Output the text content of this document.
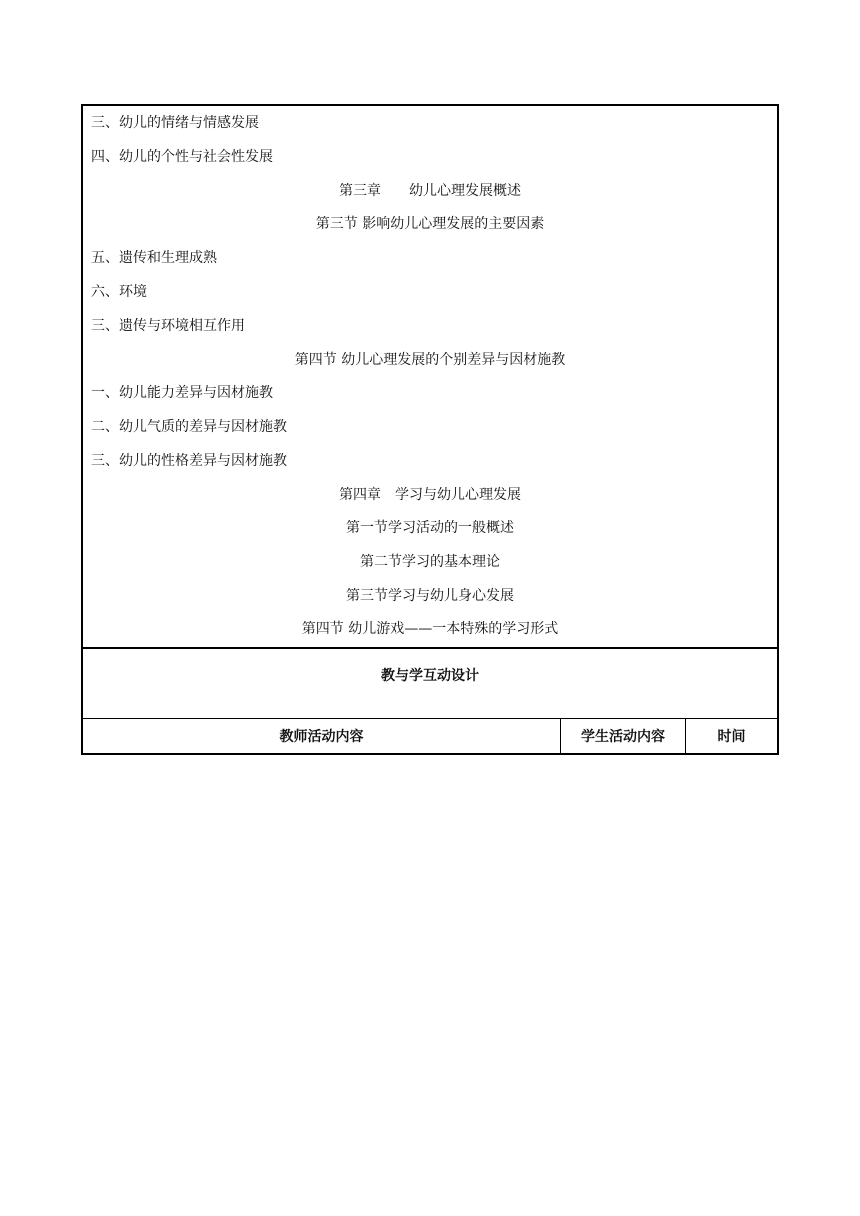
三、幼儿的情绪与情感发展
四、幼儿的个性与社会性发展
第三章　　幼儿心理发展概述
第三节 影响幼儿心理发展的主要因素
五、遗传和生理成熟
六、环境
三、遗传与环境相互作用
第四节 幼儿心理发展的个别差异与因材施教
一、幼儿能力差异与因材施教
二、幼儿气质的差异与因材施教
三、幼儿的性格差异与因材施教
第四章　学习与幼儿心理发展
第一节学习活动的一般概述
第二节学习的基本理论
第三节学习与幼儿身心发展
第四节 幼儿游戏——一本特殊的学习形式
教与学互动设计
教师活动内容	学生活动内容	时间
